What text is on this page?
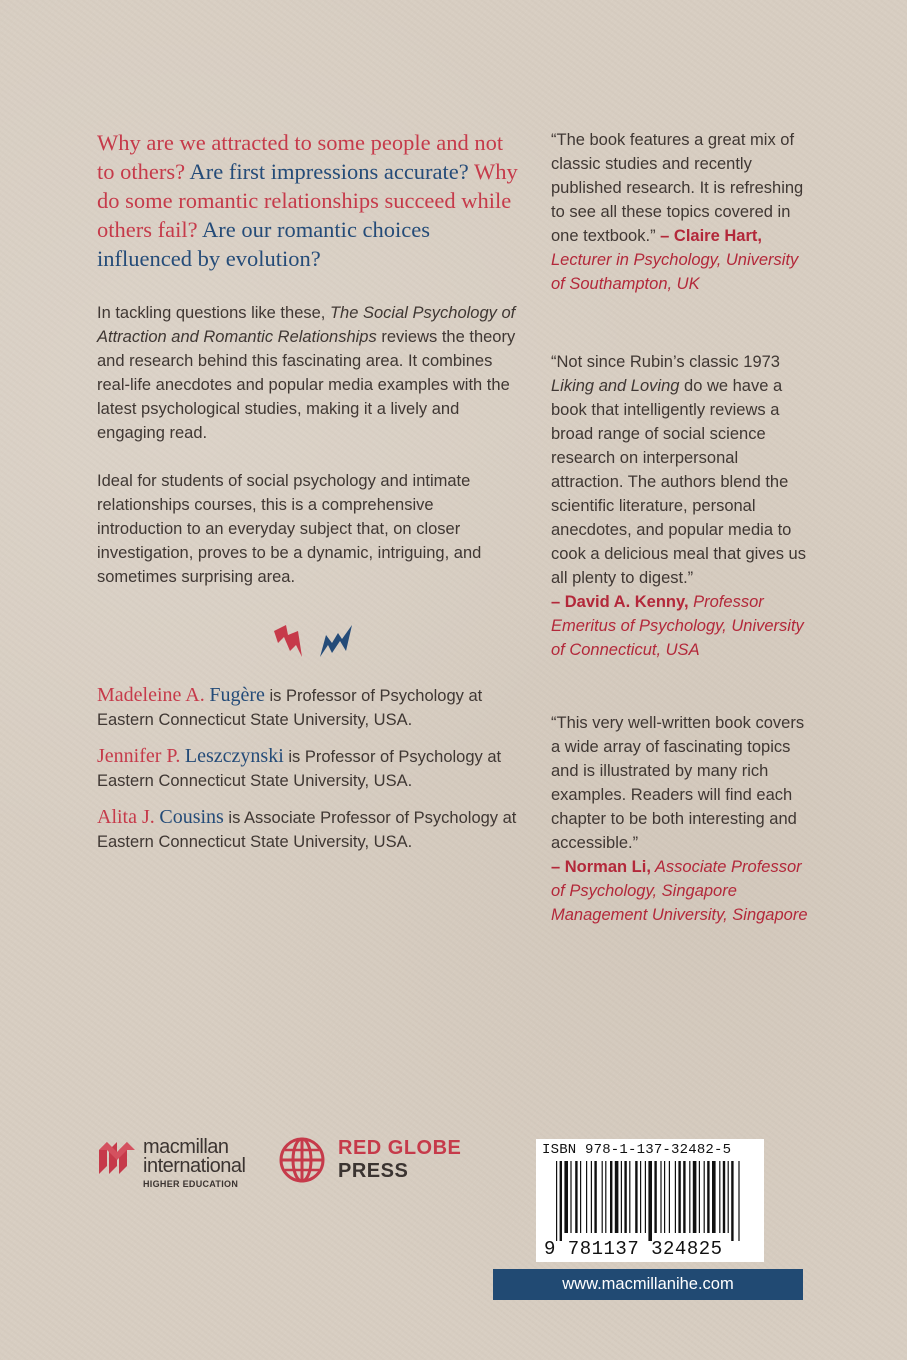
Why are we attracted to some people and not to others? Are first impressions accurate? Why do some romantic relationships succeed while others fail? Are our romantic choices influenced by evolution?

In tackling questions like these, The Social Psychology of Attraction and Romantic Relationships reviews the theory and research behind this fascinating area. It combines real-life anecdotes and popular media examples with the latest psychological studies, making it a lively and engaging read.

Ideal for students of social psychology and intimate relationships courses, this is a comprehensive introduction to an everyday subject that, on closer investigation, proves to be a dynamic, intriguing, and sometimes surprising area.

Madeleine A. Fugère is Professor of Psychology at Eastern Connecticut State University, USA.

Jennifer P. Leszczynski is Professor of Psychology at Eastern Connecticut State University, USA.

Alita J. Cousins is Associate Professor of Psychology at Eastern Connecticut State University, USA.

“The book features a great mix of classic studies and recently published research. It is refreshing to see all these topics covered in one textbook.” – Claire Hart,
Lecturer in Psychology, University of Southampton, UK

“Not since Rubin’s classic 1973 Liking and Loving do we have a book that intelligently reviews a broad range of social science research on interpersonal attraction. The authors blend the scientific literature, personal anecdotes, and popular media to cook a delicious meal that gives us all plenty to digest.”
– David A. Kenny, Professor Emeritus of Psychology, University of Connecticut, USA

“This very well-written book covers a wide array of fascinating topics and is illustrated by many rich examples. Readers will find each chapter to be both interesting and accessible.”
– Norman Li, Associate Professor of Psychology, Singapore Management University, Singapore

macmillan
international
HIGHER EDUCATION
RED GLOBE
PRESS
ISBN 978-1-137-32482-5
9 781137 324825
www.macmillanihe.com
